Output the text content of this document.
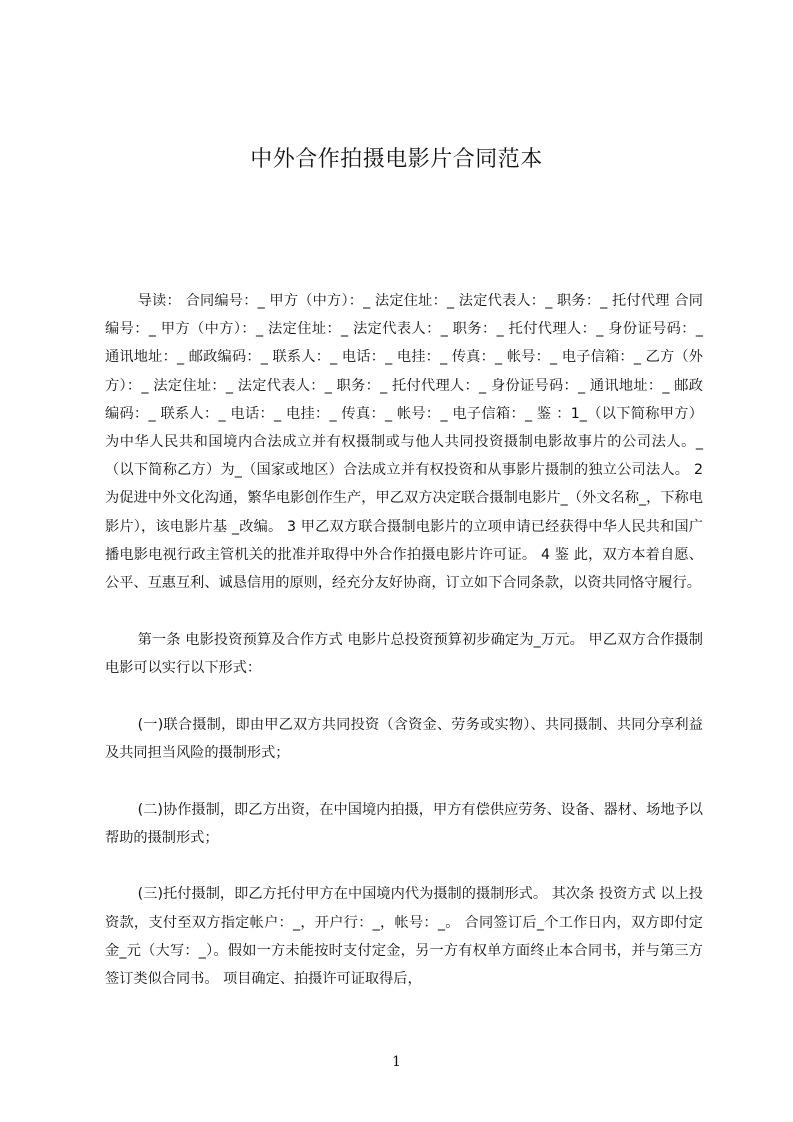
中外合作拍摄电影片合同范本

导读： 合同编号：_ 甲方（中方）：_ 法定住址：_ 法定代表人：_ 职务：_ 托付代理 合同编号：_ 甲方（中方）：_ 法定住址：_ 法定代表人：_ 职务：_ 托付代理人：_ 身份证号码：_ 通讯地址：_ 邮政编码：_ 联系人：_ 电话：_ 电挂：_ 传真：_ 帐号：_ 电子信箱：_ 乙方（外方）：_ 法定住址：_ 法定代表人：_ 职务：_ 托付代理人：_ 身份证号码：_ 通讯地址：_ 邮政编码：_ 联系人：_ 电话：_ 电挂：_ 传真：_ 帐号：_ 电子信箱：_ 鉴 ：1_（以下简称甲方）为中华人民共和国境内合法成立并有权摄制或与他人共同投资摄制电影故事片的公司法人。_（以下简称乙方）为_（国家或地区）合法成立并有权投资和从事影片摄制的独立公司法人。 2 为促进中外文化沟通，繁华电影创作生产，甲乙双方决定联合摄制电影片_（外文名称_，下称电影片），该电影片基 _改编。 3 甲乙双方联合摄制电影片的立项申请已经获得中华人民共和国广播电影电视行政主管机关的批准并取得中外合作拍摄电影片许可证。 4 鉴 此，双方本着自愿、公平、互惠互利、诚恳信用的原则，经充分友好协商，订立如下合同条款，以资共同恪守履行。

第一条 电影投资预算及合作方式 电影片总投资预算初步确定为_万元。 甲乙双方合作摄制电影可以实行以下形式：

(一)联合摄制，即由甲乙双方共同投资（含资金、劳务或实物）、共同摄制、共同分享利益及共同担当风险的摄制形式；

(二)协作摄制，即乙方出资，在中国境内拍摄，甲方有偿供应劳务、设备、器材、场地予以帮助的摄制形式；

(三)托付摄制，即乙方托付甲方在中国境内代为摄制的摄制形式。 其次条 投资方式 以上投资款，支付至双方指定帐户：_，开户行：_，帐号：_。 合同签订后_个工作日内，双方即付定金_元（大写：_）。假如一方未能按时支付定金，另一方有权单方面终止本合同书，并与第三方签订类似合同书。 项目确定、拍摄许可证取得后，

1
